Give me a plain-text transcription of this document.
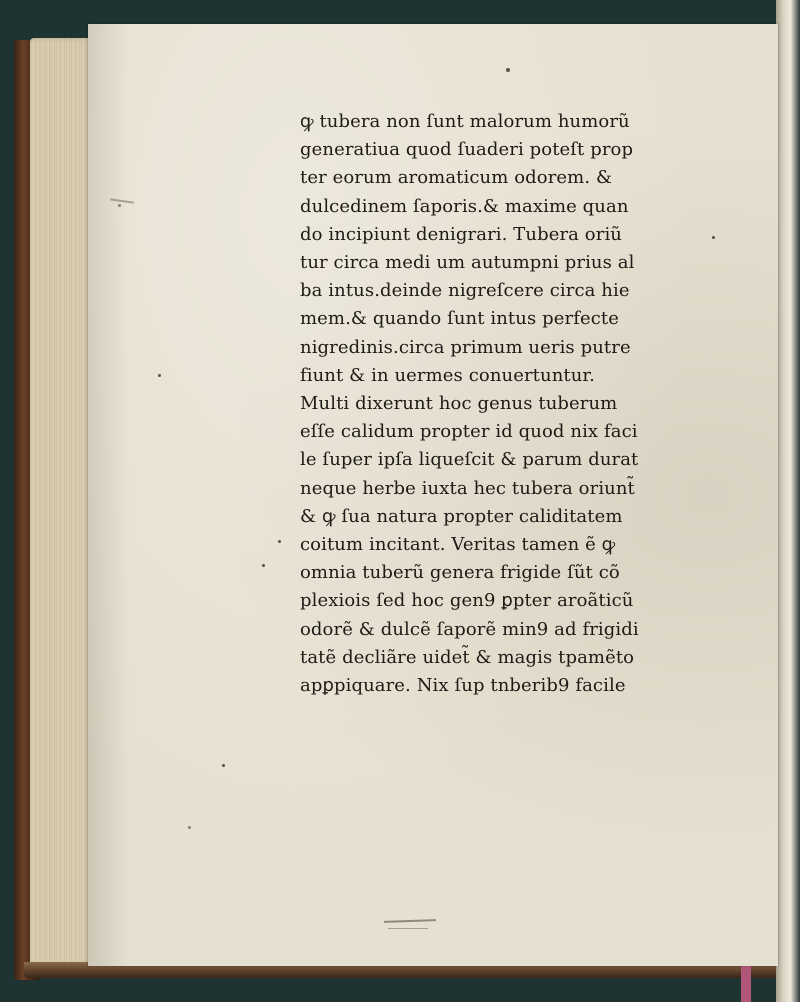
ꝙ tubera non ſunt malorum humorũ
generatiua quod ſuaderi poteſt prop
ter eorum aromaticum odorem. &
dulcedinem ſaporis.& maxime quan
do incipiunt denigrari. Tubera oriũ
tur circa medi um autumpni prius al
ba intus.deinde nigreſcere circa hie
mem.& quando ſunt intus perfecte
nigredinis.circa primum ueris putre
fiunt & in uermes conuertuntur.
Multi dixerunt hoc genus tuberum
eſſe calidum propter id quod nix faci
le ſuper ipſa liqueſcit & parum durat
neque herbe iuxta hec tubera oriunt̃
& ꝙ ſua natura propter caliditatem
coitum incitant. Veritas tamen ẽ ꝙ
omnia tuberũ genera frigide ſũt cõ
plexiois ſed hoc gen9 ꝑpter aroãticũ
odorẽ & dulcẽ ſaporẽ min9 ad frigidi
tatẽ decliãre uidet̃ & magis tpamẽto
apꝑpiquare. Nix ſup tnberib9 facile
